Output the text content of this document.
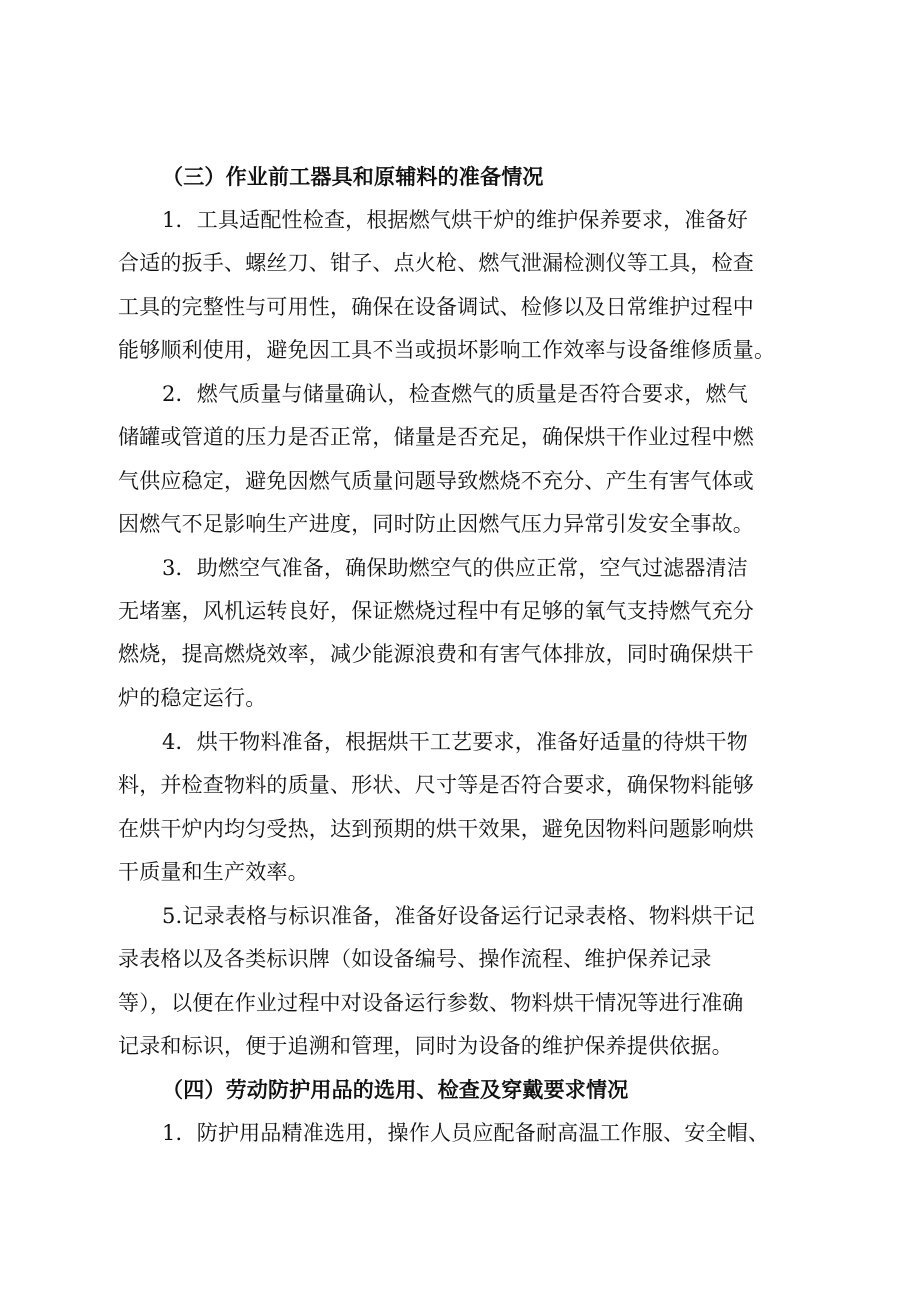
（三）作业前工器具和原辅料的准备情况
1．工具适配性检查，根据燃气烘干炉的维护保养要求，准备好
合适的扳手、螺丝刀、钳子、点火枪、燃气泄漏检测仪等工具，检查
工具的完整性与可用性，确保在设备调试、检修以及日常维护过程中
能够顺利使用，避免因工具不当或损坏影响工作效率与设备维修质量。
2．燃气质量与储量确认，检查燃气的质量是否符合要求，燃气
储罐或管道的压力是否正常，储量是否充足，确保烘干作业过程中燃
气供应稳定，避免因燃气质量问题导致燃烧不充分、产生有害气体或
因燃气不足影响生产进度，同时防止因燃气压力异常引发安全事故。
3．助燃空气准备，确保助燃空气的供应正常，空气过滤器清洁
无堵塞，风机运转良好，保证燃烧过程中有足够的氧气支持燃气充分
燃烧，提高燃烧效率，减少能源浪费和有害气体排放，同时确保烘干
炉的稳定运行。
4．烘干物料准备，根据烘干工艺要求，准备好适量的待烘干物
料，并检查物料的质量、形状、尺寸等是否符合要求，确保物料能够
在烘干炉内均匀受热，达到预期的烘干效果，避免因物料问题影响烘
干质量和生产效率。
5.记录表格与标识准备，准备好设备运行记录表格、物料烘干记
录表格以及各类标识牌（如设备编号、操作流程、维护保养记录
等），以便在作业过程中对设备运行参数、物料烘干情况等进行准确
记录和标识，便于追溯和管理，同时为设备的维护保养提供依据。
（四）劳动防护用品的选用、检查及穿戴要求情况
1．防护用品精准选用，操作人员应配备耐高温工作服、安全帽、
